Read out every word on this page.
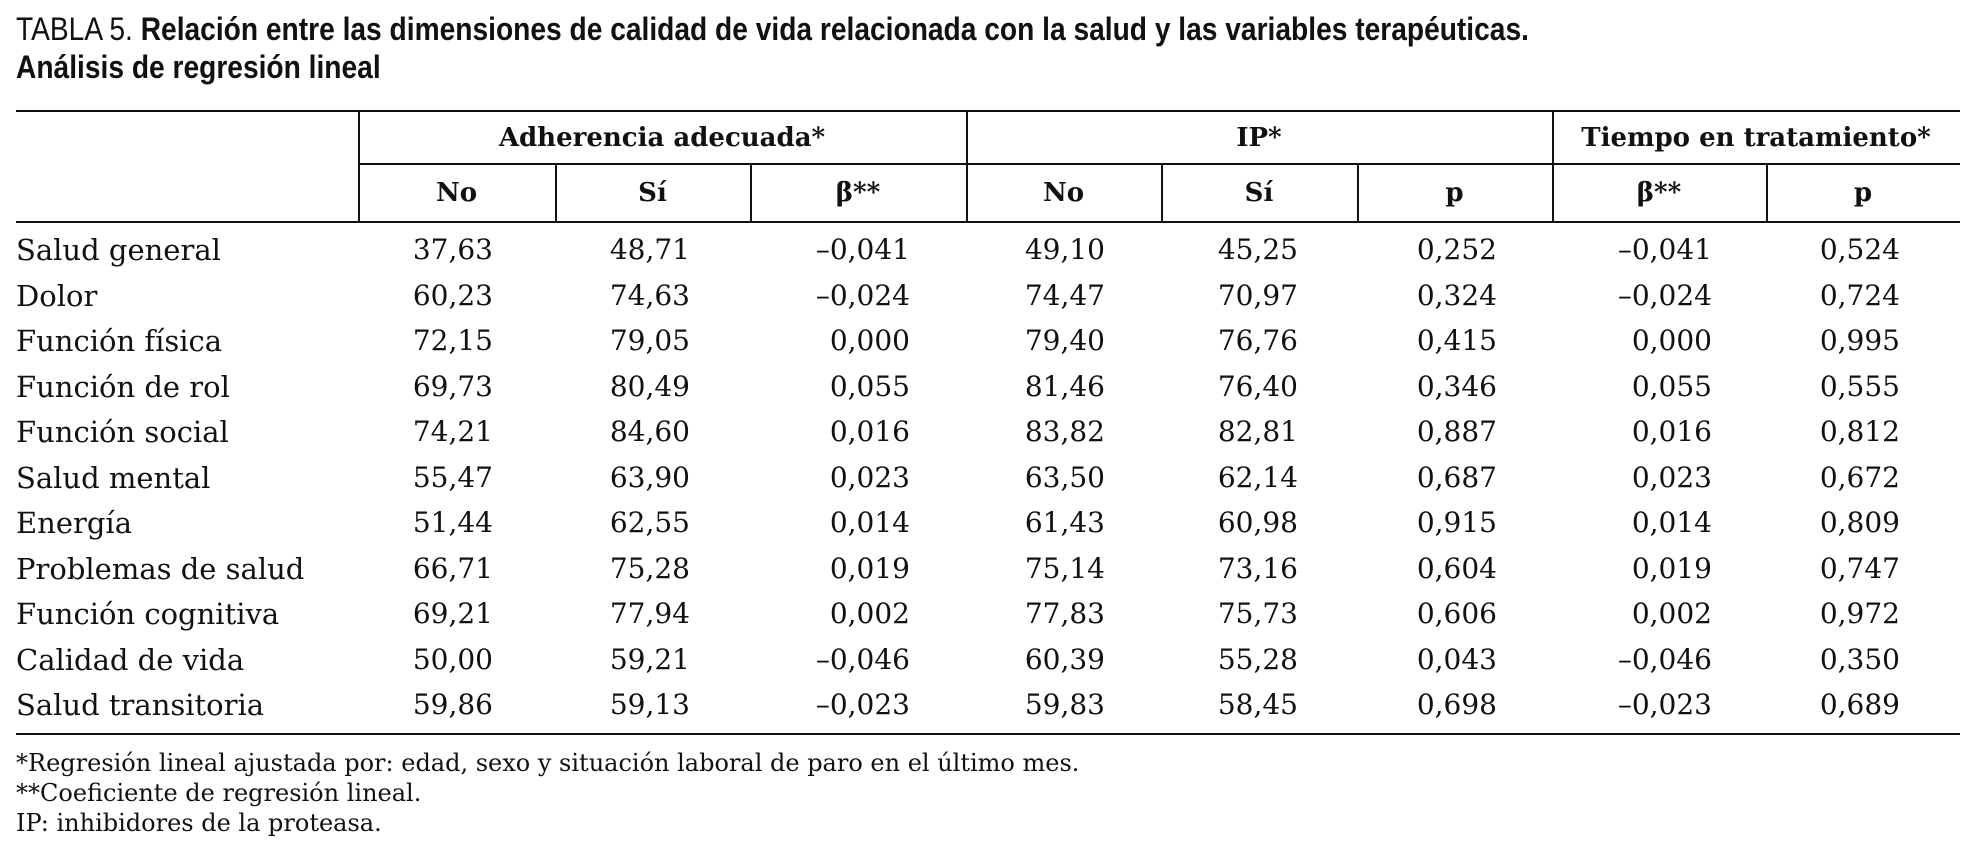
TABLA 5. Relación entre las dimensiones de calidad de vida relacionada con la salud y las variables terapéuticas.
Análisis de regresión lineal
Adherencia adecuada*	IP*	Tiempo en tratamiento*
No	Sí	β**	No	Sí	p	β**	p
Salud general	37,63	48,71	–0,041	49,10	45,25	0,252	–0,041	0,524
Dolor	60,23	74,63	–0,024	74,47	70,97	0,324	–0,024	0,724
Función física	72,15	79,05	0,000	79,40	76,76	0,415	0,000	0,995
Función de rol	69,73	80,49	0,055	81,46	76,40	0,346	0,055	0,555
Función social	74,21	84,60	0,016	83,82	82,81	0,887	0,016	0,812
Salud mental	55,47	63,90	0,023	63,50	62,14	0,687	0,023	0,672
Energía	51,44	62,55	0,014	61,43	60,98	0,915	0,014	0,809
Problemas de salud	66,71	75,28	0,019	75,14	73,16	0,604	0,019	0,747
Función cognitiva	69,21	77,94	0,002	77,83	75,73	0,606	0,002	0,972
Calidad de vida	50,00	59,21	–0,046	60,39	55,28	0,043	–0,046	0,350
Salud transitoria	59,86	59,13	–0,023	59,83	58,45	0,698	–0,023	0,689
*Regresión lineal ajustada por: edad, sexo y situación laboral de paro en el último mes.
**Coeficiente de regresión lineal.
IP: inhibidores de la proteasa.
